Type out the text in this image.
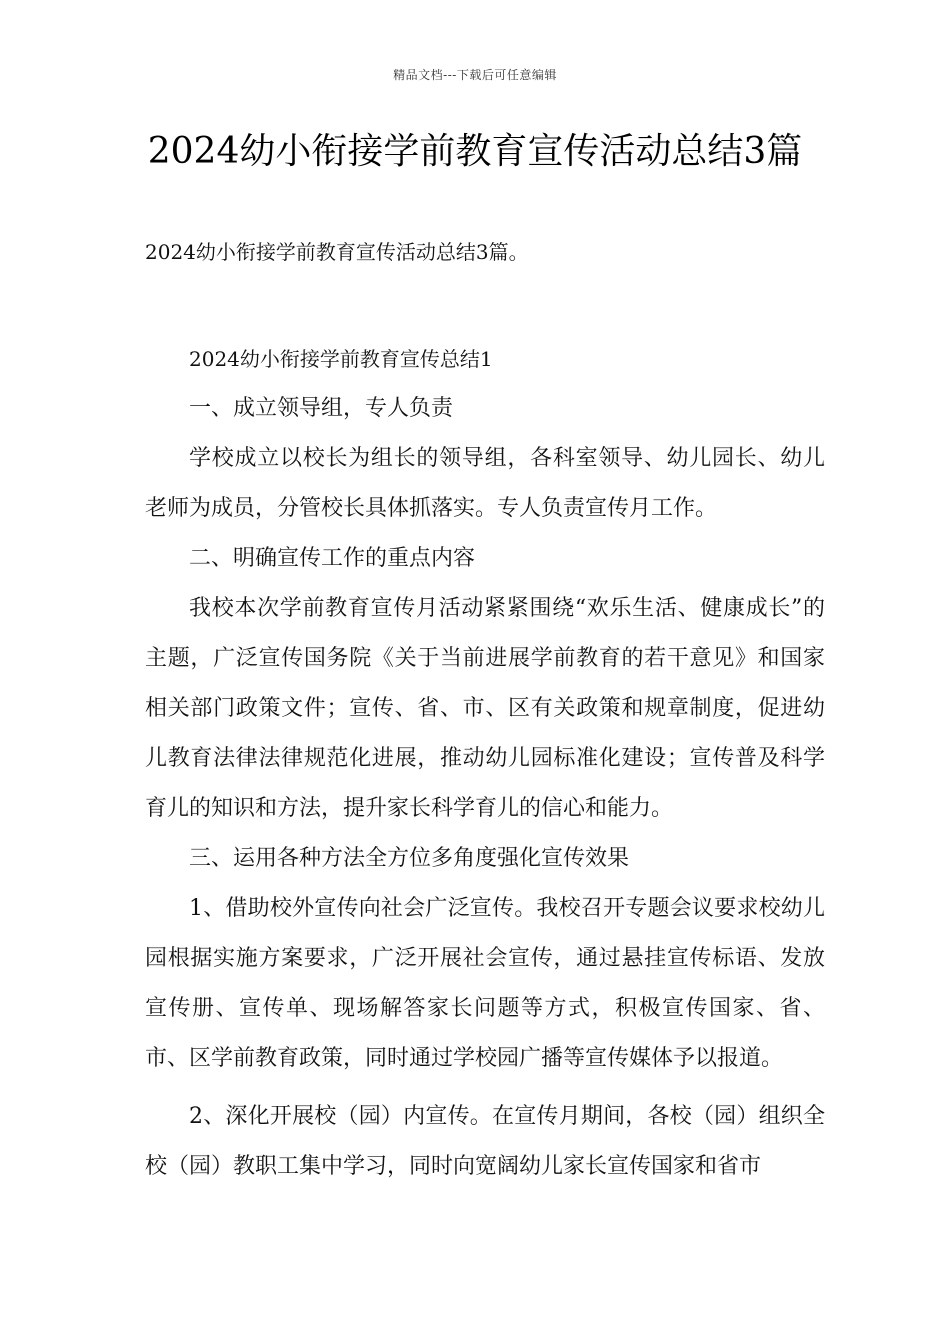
精品文档---下载后可任意编辑
2024幼小衔接学前教育宣传活动总结3篇

2024幼小衔接学前教育宣传活动总结3篇。

2024幼小衔接学前教育宣传总结1

一、成立领导组，专人负责

学校成立以校长为组长的领导组，各科室领导、幼儿园长、幼儿老师为成员，分管校长具体抓落实。专人负责宣传月工作。

二、明确宣传工作的重点内容

我校本次学前教育宣传月活动紧紧围绕“欢乐生活、健康成长”的主题，广泛宣传国务院《关于当前进展学前教育的若干意见》和国家相关部门政策文件；宣传、省、市、区有关政策和规章制度，促进幼儿教育法律法律规范化进展，推动幼儿园标准化建设；宣传普及科学育儿的知识和方法，提升家长科学育儿的信心和能力。

三、运用各种方法全方位多角度强化宣传效果

1、借助校外宣传向社会广泛宣传。我校召开专题会议要求校幼儿园根据实施方案要求，广泛开展社会宣传，通过悬挂宣传标语、发放宣传册、宣传单、现场解答家长问题等方式，积极宣传国家、省、市、区学前教育政策，同时通过学校园广播等宣传媒体予以报道。

2、深化开展校（园）内宣传。在宣传月期间，各校（园）组织全校（园）教职工集中学习，同时向宽阔幼儿家长宣传国家和省市
